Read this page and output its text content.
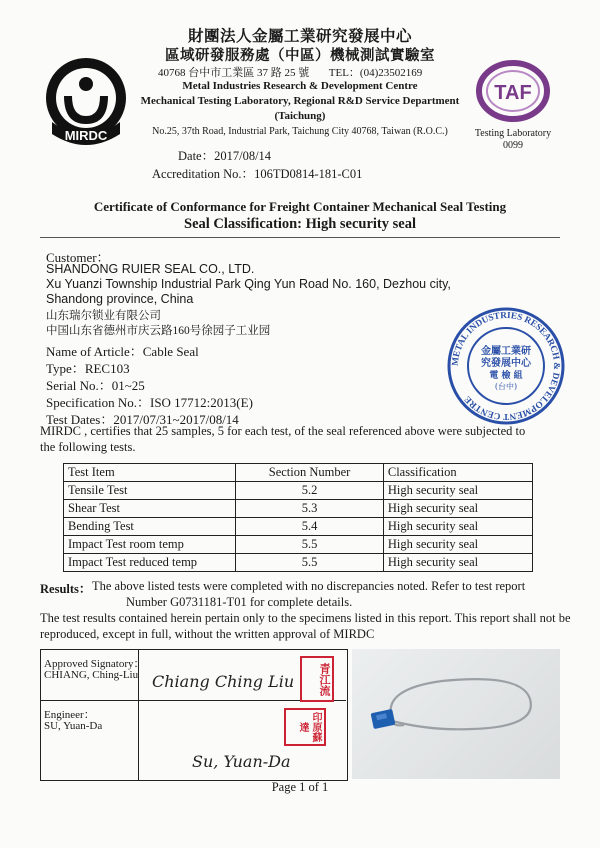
MIRDC
TAF
Testing Laboratory
0099
財團法人金屬工業研究發展中心
區域研發服務處（中區）機械測試實驗室
40768 台中市工業區 37 路 25 號 TEL：(04)23502169
Metal Industries Research & Development Centre
Mechanical Testing Laboratory, Regional R&D Service Department
(Taichung)
No.25, 37th Road, Industrial Park, Taichung City 40768, Taiwan (R.O.C.)
Date：2017/08/14
Accreditation No.：106TD0814-181-C01
Certificate of Conformance for Freight Container Mechanical Seal Testing
Seal Classification: High security seal
Customer：
SHANDONG RUIER SEAL CO., LTD.
Xu Yuanzi Township Industrial Park Qing Yun Road No. 160, Dezhou city,
Shandong province, China
山东瑞尔锁业有限公司
中国山东省德州市庆云路160号徐园子工业园
Name of Article：Cable Seal
Type：REC103
Serial No.：01~25
Specification No.：ISO 17712:2013(E)
Test Dates：2017/07/31~2017/08/14
METAL INDUSTRIES RESEARCH & DEVELOPMENT CENTRE
金屬工業研
究發展中心
電 檢 組
(台中)
MIRDC , certifies that 25 samples, 5 for each test, of the seal referenced above were subjected to
the following tests.
Test Item	Section Number	Classification
Tensile Test	5.2	High security seal
Shear Test	5.3	High security seal
Bending Test	5.4	High security seal
Impact Test room temp	5.5	High security seal
Impact Test reduced temp	5.5	High security seal
Results： The above listed tests were completed with no discrepancies noted. Refer to test report
Number G0731181-T01 for complete details.
The test results contained herein pertain only to the specimens listed in this report. This report shall not be
reproduced, except in full, without the written approval of MIRDC
Approved Signatory：
CHIANG, Ching-Liu Chiang Ching Liu	青江流
Engineer：
SU, Yuan-Da
Su, Yuan-Da
印原蘇達
Page 1 of 1
